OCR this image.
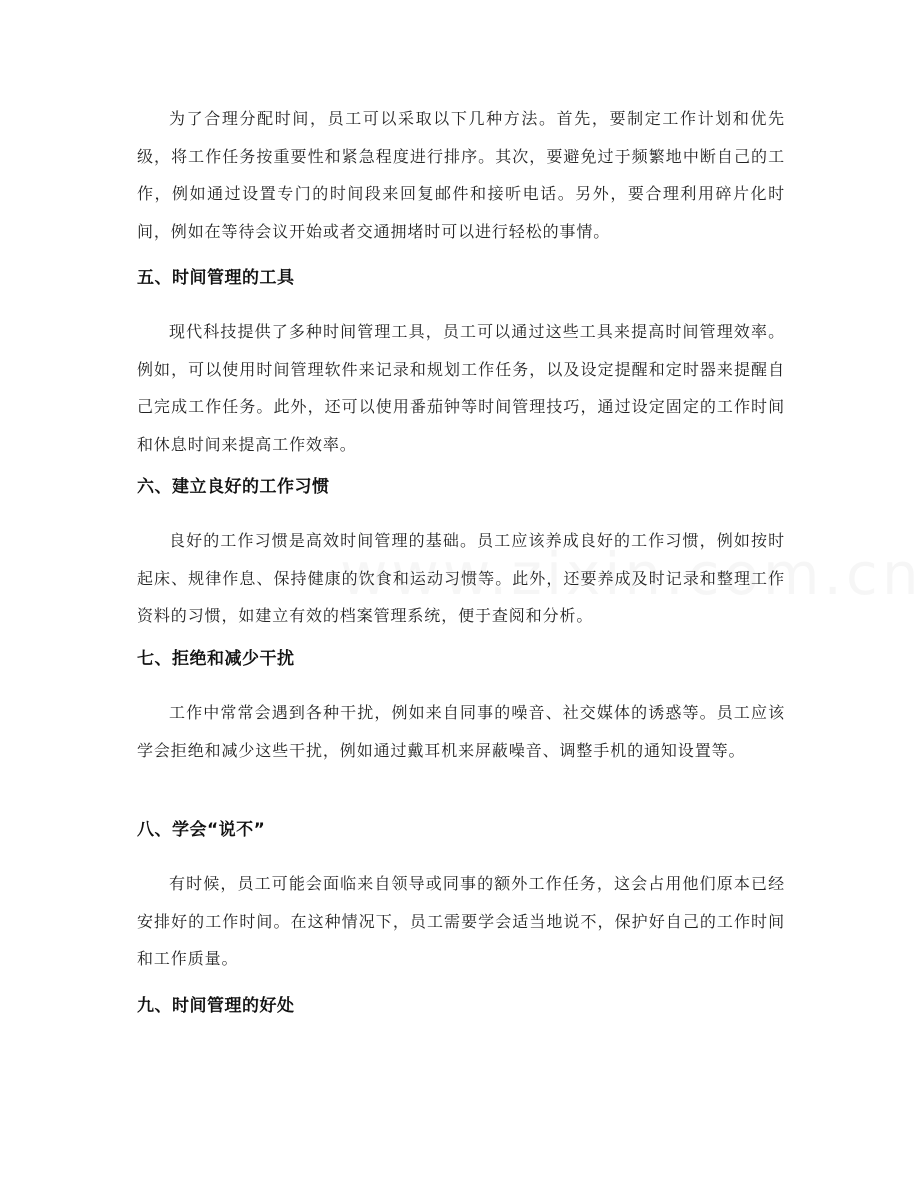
为了合理分配时间，员工可以采取以下几种方法。首先，要制定工作计划和优先级，将工作任务按重要性和紧急程度进行排序。其次，要避免过于频繁地中断自己的工作，例如通过设置专门的时间段来回复邮件和接听电话。另外，要合理利用碎片化时间，例如在等待会议开始或者交通拥堵时可以进行轻松的事情。

五、时间管理的工具

现代科技提供了多种时间管理工具，员工可以通过这些工具来提高时间管理效率。例如，可以使用时间管理软件来记录和规划工作任务，以及设定提醒和定时器来提醒自己完成工作任务。此外，还可以使用番茄钟等时间管理技巧，通过设定固定的工作时间和休息时间来提高工作效率。

六、建立良好的工作习惯

良好的工作习惯是高效时间管理的基础。员工应该养成良好的工作习惯，例如按时起床、规律作息、保持健康的饮食和运动习惯等。此外，还要养成及时记录和整理工作资料的习惯，如建立有效的档案管理系统，便于查阅和分析。

七、拒绝和减少干扰

工作中常常会遇到各种干扰，例如来自同事的噪音、社交媒体的诱惑等。员工应该学会拒绝和减少这些干扰，例如通过戴耳机来屏蔽噪音、调整手机的通知设置等。

八、学会“说不”

有时候，员工可能会面临来自领导或同事的额外工作任务，这会占用他们原本已经安排好的工作时间。在这种情况下，员工需要学会适当地说不，保护好自己的工作时间和工作质量。

九、时间管理的好处
